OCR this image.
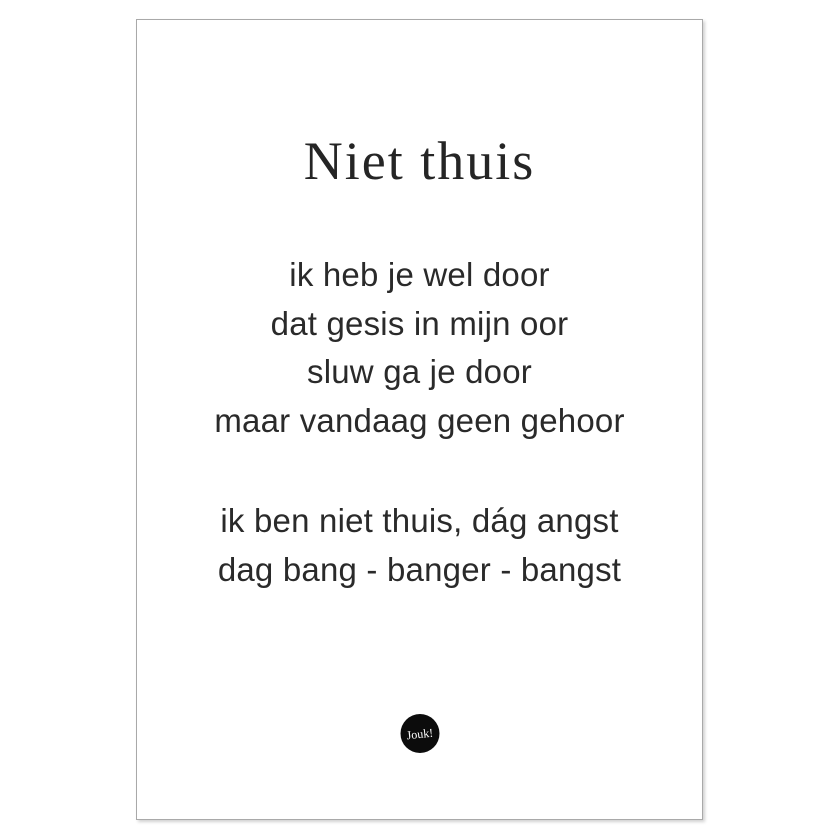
Niet thuis

ik heb je wel door

dat gesis in mijn oor

sluw ga je door

maar vandaag geen gehoor

ik ben niet thuis, dág angst

dag bang - banger - bangst

Jouk!
